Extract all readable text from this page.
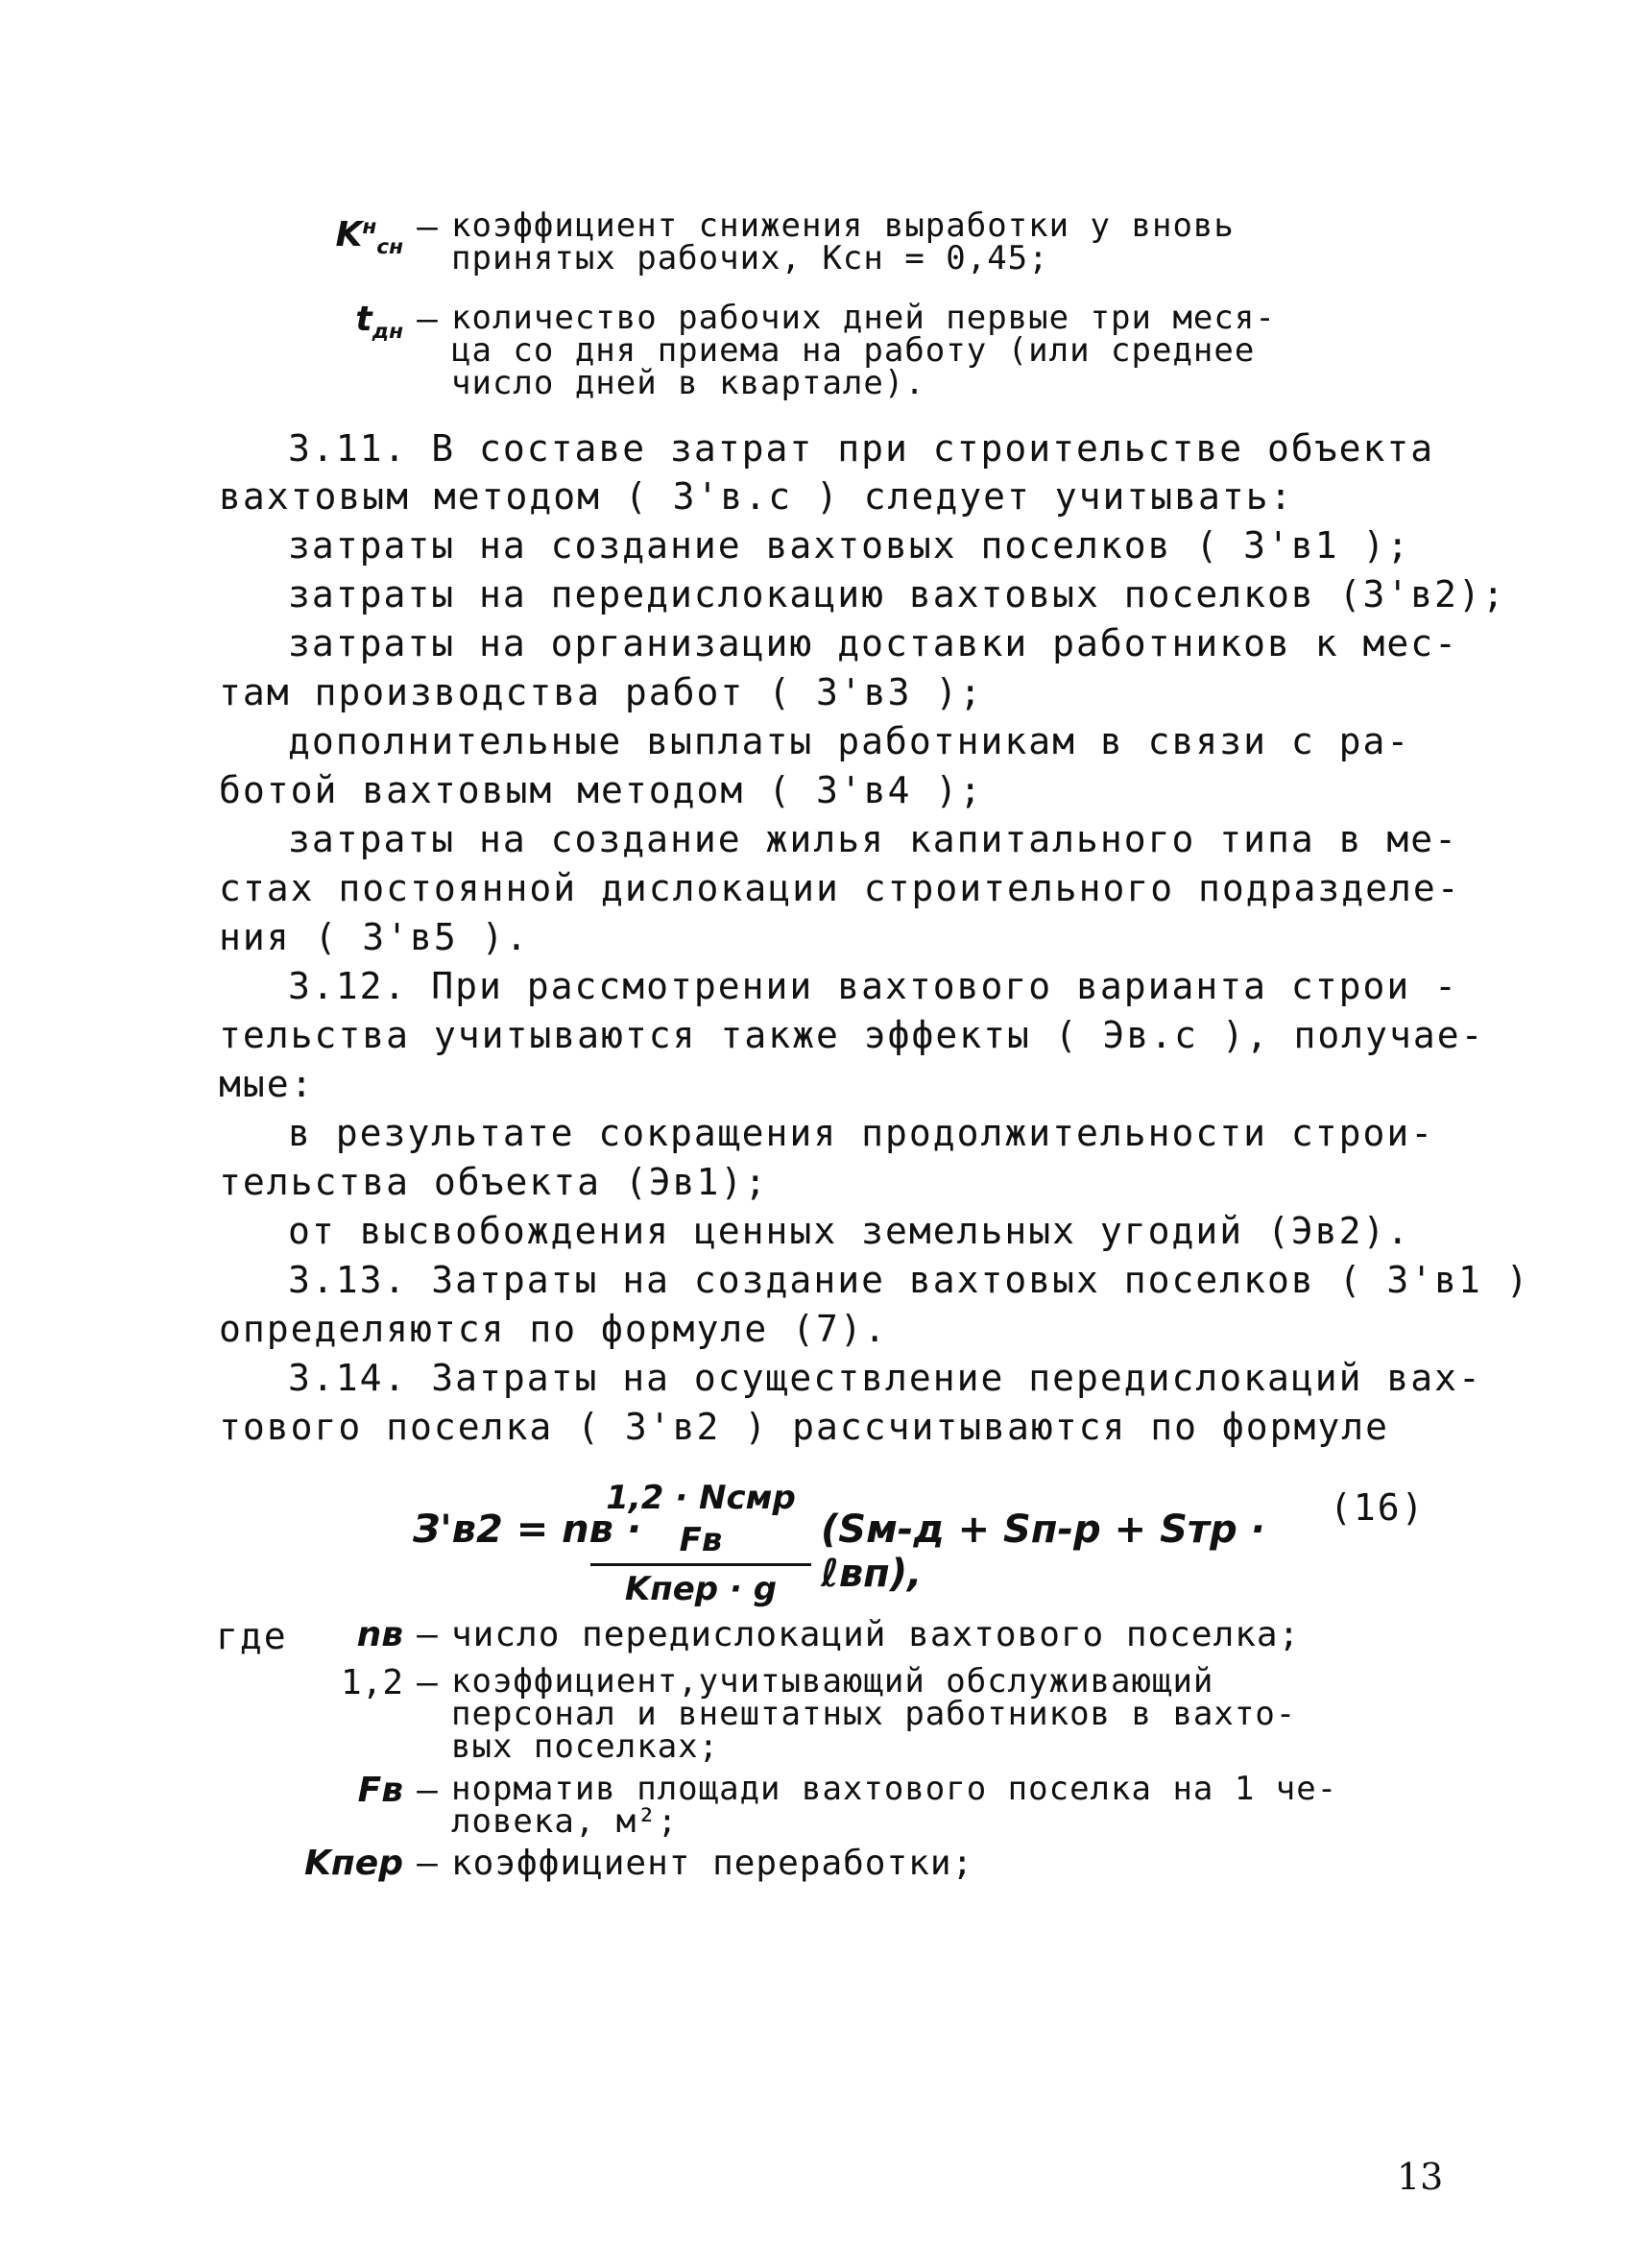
$K^н_{сн}$
– коэффициент снижения выработки у вновь
принятых рабочих, Kсн = 0,45;
$t_{дн}$ – количество рабочих дней первые три меся-
ца со дня приема на работу (или среднее
число дней в квартале).
3.11. В составе затрат при строительстве объекта
вахтовым методом ( З'в.с ) следует учитывать:
затраты на создание вахтовых поселков ( З'в1 );
затраты на передислокацию вахтовых поселков (З'в2);
затраты на организацию доставки работников к мес-
там производства работ ( З'в3 );
дополнительные выплаты работникам в связи с ра-
ботой вахтовым методом ( З'в4 );
затраты на создание жилья капитального типа в ме-
стах постоянной дислокации строительного подразделе-
ния ( З'в5 ).
3.12. При рассмотрении вахтового варианта строи -
тельства учитываются также эффекты ( Эв.с ), получае-
мые:
в результате сокращения продолжительности строи-
тельства объекта (Эв1);
от высвобождения ценных земельных угодий (Эв2).
3.13. Затраты на создание вахтовых поселков ( З'в1 )
определяются по формуле (7).
3.14. Затраты на осуществление передислокаций вах-
тового поселка ( З'в2 ) рассчитываются по формуле
З'в2 = nв ·
1,2 · Nсмр Fв
Kпер · g
(Sм-д + Sп-р + Sтр · ℓвп),
(16)
где	nв – число передислокаций вахтового поселка;
1,2 – коэффициент,учитывающий обслуживающий
персонал и внештатных работников в вахто-
вых поселках;
Fв – норматив площади вахтового поселка на 1 че-
ловека, м²;
Kпер – коэффициент переработки;
13
